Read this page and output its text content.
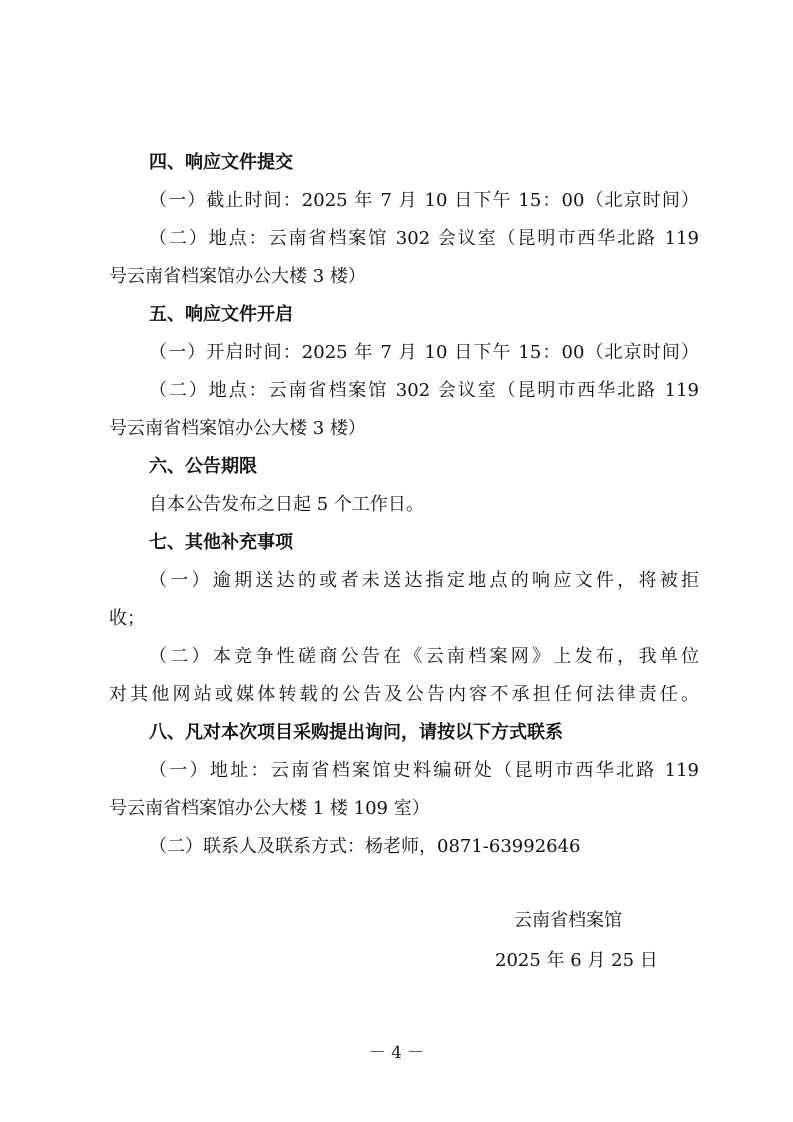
四、响应文件提交
（一）截止时间：2025 年 7 月 10 日下午 15：00（北京时间）
（二）地点：云南省档案馆 302 会议室（昆明市西华北路 119
号云南省档案馆办公大楼 3 楼）
五、响应文件开启
（一）开启时间：2025 年 7 月 10 日下午 15：00（北京时间）
（二）地点：云南省档案馆 302 会议室（昆明市西华北路 119
号云南省档案馆办公大楼 3 楼）
六、公告期限
自本公告发布之日起 5 个工作日。
七、其他补充事项
（一）逾期送达的或者未送达指定地点的响应文件，将被拒
收；
（二）本竞争性磋商公告在《云南档案网》上发布，我单位
对其他网站或媒体转载的公告及公告内容不承担任何法律责任。
八、凡对本次项目采购提出询问，请按以下方式联系
（一）地址：云南省档案馆史料编研处（昆明市西华北路 119
号云南省档案馆办公大楼 1 楼 109 室）
（二）联系人及联系方式：杨老师，0871-63992646
云南省档案馆
2025 年 6 月 25 日
－ 4 －
